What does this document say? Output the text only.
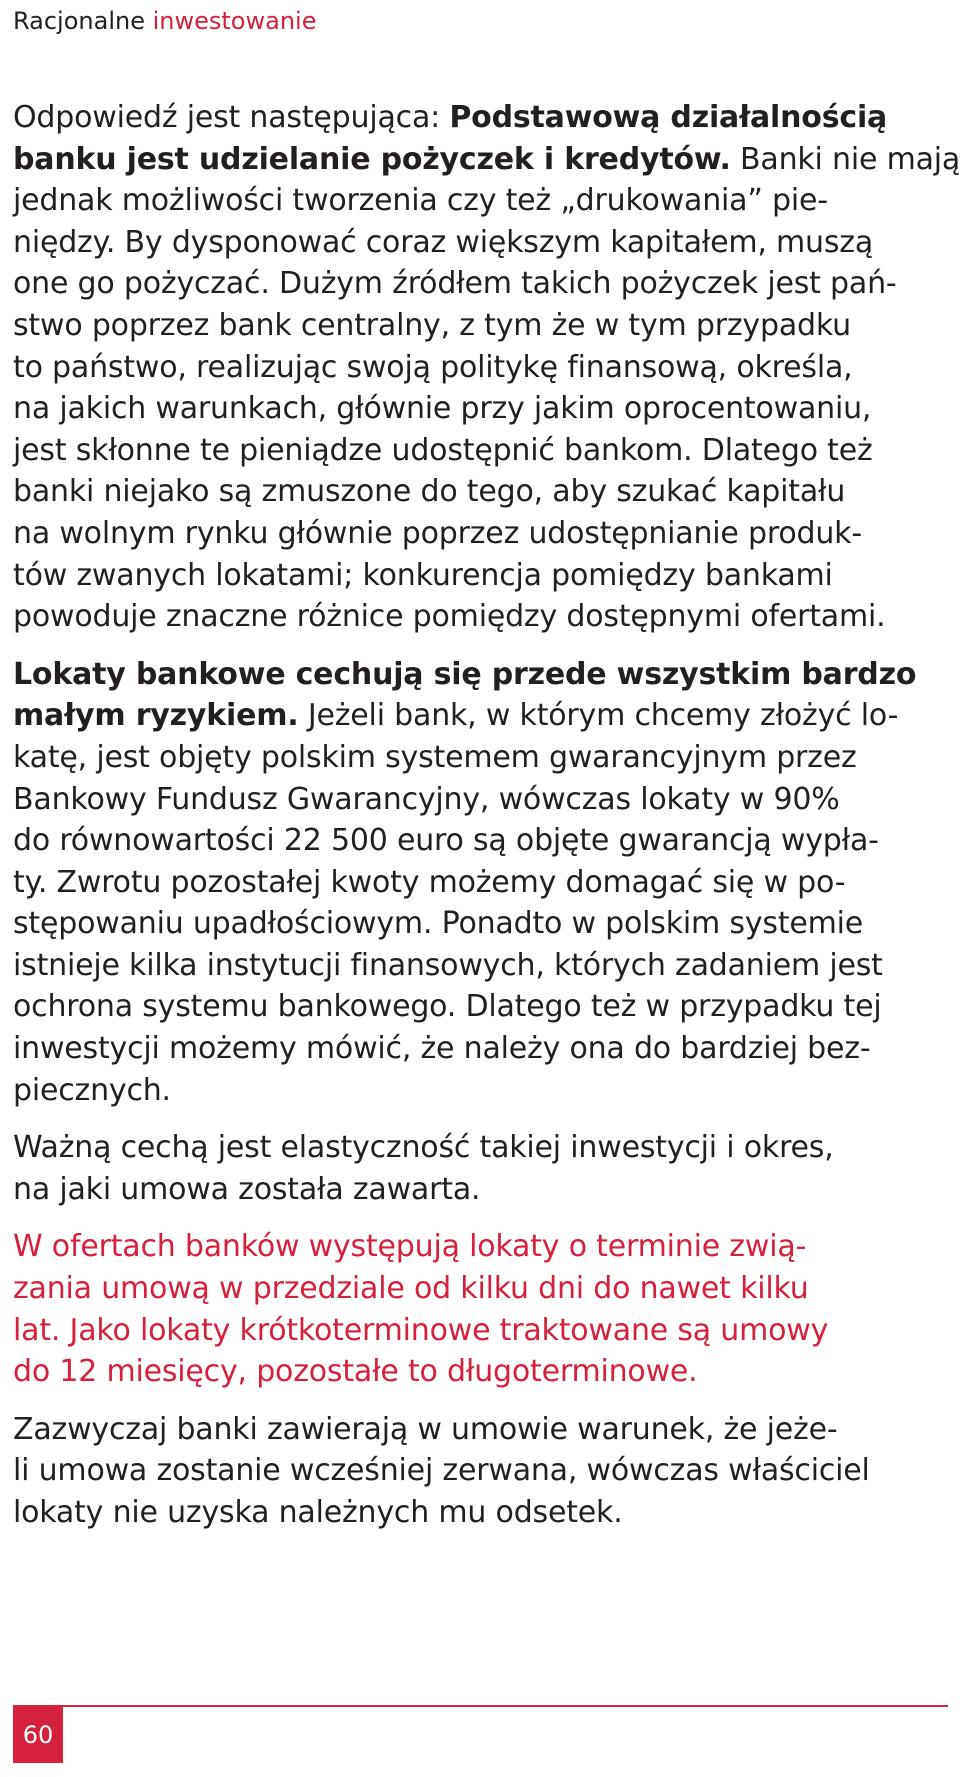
Racjonalne inwestowanie

Odpowiedź jest następująca: Podstawową działalnością
banku jest udzielanie pożyczek i kredytów. Banki nie mają
jednak możliwości tworzenia czy też „drukowania” pie-
niędzy. By dysponować coraz większym kapitałem, muszą
one go pożyczać. Dużym źródłem takich pożyczek jest pań-
stwo poprzez bank centralny, z tym że w tym przypadku
to państwo, realizując swoją politykę finansową, określa,
na jakich warunkach, głównie przy jakim oprocentowaniu,
jest skłonne te pieniądze udostępnić bankom. Dlatego też
banki niejako są zmuszone do tego, aby szukać kapitału
na wolnym rynku głównie poprzez udostępnianie produk-
tów zwanych lokatami; konkurencja pomiędzy bankami
powoduje znaczne różnice pomiędzy dostępnymi ofertami.

Lokaty bankowe cechują się przede wszystkim bardzo
małym ryzykiem. Jeżeli bank, w którym chcemy złożyć lo-
katę, jest objęty polskim systemem gwarancyjnym przez
Bankowy Fundusz Gwarancyjny, wówczas lokaty w 90%
do równowartości 22 500 euro są objęte gwarancją wypła-
ty. Zwrotu pozostałej kwoty możemy domagać się w po-
stępowaniu upadłościowym. Ponadto w polskim systemie
istnieje kilka instytucji finansowych, których zadaniem jest
ochrona systemu bankowego. Dlatego też w przypadku tej
inwestycji możemy mówić, że należy ona do bardziej bez-
piecznych.

Ważną cechą jest elastyczność takiej inwestycji i okres,
na jaki umowa została zawarta.

W ofertach banków występują lokaty o terminie zwią-
zania umową w przedziale od kilku dni do nawet kilku
lat. Jako lokaty krótkoterminowe traktowane są umowy
do 12 miesięcy, pozostałe to długoterminowe.

Zazwyczaj banki zawierają w umowie warunek, że jeże-
li umowa zostanie wcześniej zerwana, wówczas właściciel
lokaty nie uzyska należnych mu odsetek.

60
